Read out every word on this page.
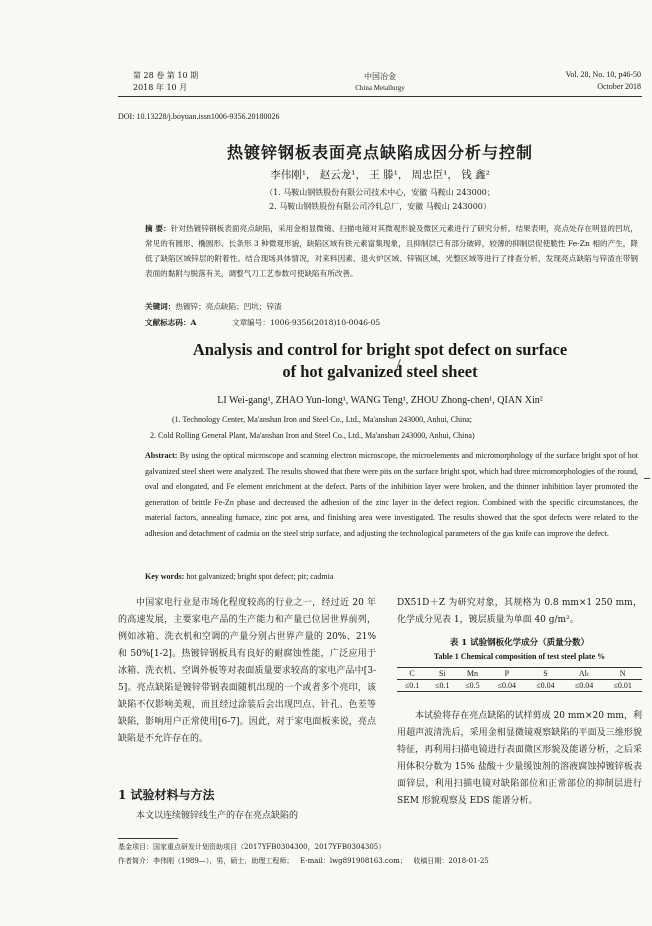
第 28 卷 第 10 期
2018 年 10 月
中国冶金
China Metallurgy
Vol. 28, No. 10, p46-50
October 2018
DOI: 10.13228/j.boyuan.issn1006-9356.20180026
热镀锌钢板表面亮点缺陷成因分析与控制
李伟刚¹， 赵云龙¹， 王 滕¹， 周忠臣¹， 钱 鑫²
（1. 马鞍山钢铁股份有限公司技术中心，安徽 马鞍山 243000；
2. 马鞍山钢铁股份有限公司冷轧总厂，安徽 马鞍山 243000）
摘 要：针对热镀锌钢板表面亮点缺陷，采用金相显微镜、扫描电镜对其微观形貌及微区元素进行了研究分析。结果表明，亮点处存在明显的凹坑，常见的有圆形、椭圆形、长条形 3 种微观形貌，缺陷区域有铁元素富集现象，且抑制层已有部分破碎，较薄的抑制层促使脆性 Fe-Zn 相的产生，降低了缺陷区域锌层的附着性。结合现场具体情况，对来料因素、退火炉区域、锌锅区域、光整区域等进行了排查分析，发现亮点缺陷与锌渣在带钢表面的黏附与脱落有关，调整气刀工艺参数可使缺陷有所改善。
关键词：热镀锌；亮点缺陷；凹坑；锌渣
文献标志码：A	文章编号：1006-9356(2018)10-0046-05
Analysis and control for bright spot defect on surface
of hot galvanized steel sheet
LI Wei-gang¹, ZHAO Yun-long¹, WANG Teng¹, ZHOU Zhong-chen¹, QIAN Xin²
(1. Technology Center, Ma'anshan Iron and Steel Co., Ltd., Ma'anshan 243000, Anhui, China;
2. Cold Rolling General Plant, Ma'anshan Iron and Steel Co., Ltd., Ma'anshan 243000, Anhui, China)
Abstract: By using the optical microscope and scanning electron microscope, the microelements and micromorphology of the surface bright spot of hot galvanized steel sheet were analyzed. The results showed that there were pits on the surface bright spot, which had three micromorphologies of the round, oval and elongated, and Fe element enrichment at the defect. Parts of the inhibition layer were broken, and the thinner inhibition layer promoted the generation of brittle Fe-Zn phase and decreased the adhesion of the zinc layer in the defect region. Combined with the specific circumstances, the material factors, annealing furnace, zinc pot area, and finishing area were investigated. The results showed that the spot defects were related to the adhesion and detachment of cadmia on the steel strip surface, and adjusting the technological parameters of the gas knife can improve the defect.
Key words: hot galvanized; bright spot defect; pit; cadmia
中国家电行业是市场化程度较高的行业之一，经过近 20 年的高速发展，主要家电产品的生产能力和产量已位居世界前列，例如冰箱、洗衣机和空调的产量分别占世界产量的 20%、21% 和 50%[1-2]。热镀锌钢板具有良好的耐腐蚀性能，广泛应用于冰箱、洗衣机、空调外板等对表面质量要求较高的家电产品中[3-5]。亮点缺陷是镀锌带钢表面随机出现的一个或者多个亮印，该缺陷不仅影响美观，而且经过涂装后会出现凹点、针孔、色差等缺陷，影响用户正常使用[6-7]。因此，对于家电面板来说，亮点缺陷是不允许存在的。
1 试验材料与方法
本文以连续镀锌线生产的存在亮点缺陷的
DX51D＋Z 为研究对象，其规格为 0.8 mm×1 250 mm，化学成分见表 1，镀层质量为单面 40 g/m²。
表 1 试验钢板化学成分（质量分数）
Table 1 Chemical composition of test steel plate %
C	Si	Mn	P	S	Alₜ	N
≤0.1	≤0.1	≤0.5	≤0.04	≤0.04	≤0.04	≤0.01
本试验将存在亮点缺陷的试样剪成 20 mm×20 mm，利用超声波清洗后，采用金相显微镜观察缺陷的平面及三维形貌特征，再利用扫描电镜进行表面微区形貌及能谱分析，之后采用体积分数为 15% 盐酸＋少量缓蚀剂的溶液腐蚀掉镀锌板表面锌层，利用扫描电镜对缺陷部位和正常部位的抑制层进行 SEM 形貌观察及 EDS 能谱分析。
基金项目：国家重点研发计划资助项目（2017YFB0304300，2017YFB0304305）
作者简介：李伟刚（1989—），男，硕士，助理工程师； E-mail：lwg891908163.com； 收稿日期：2018-01-25
